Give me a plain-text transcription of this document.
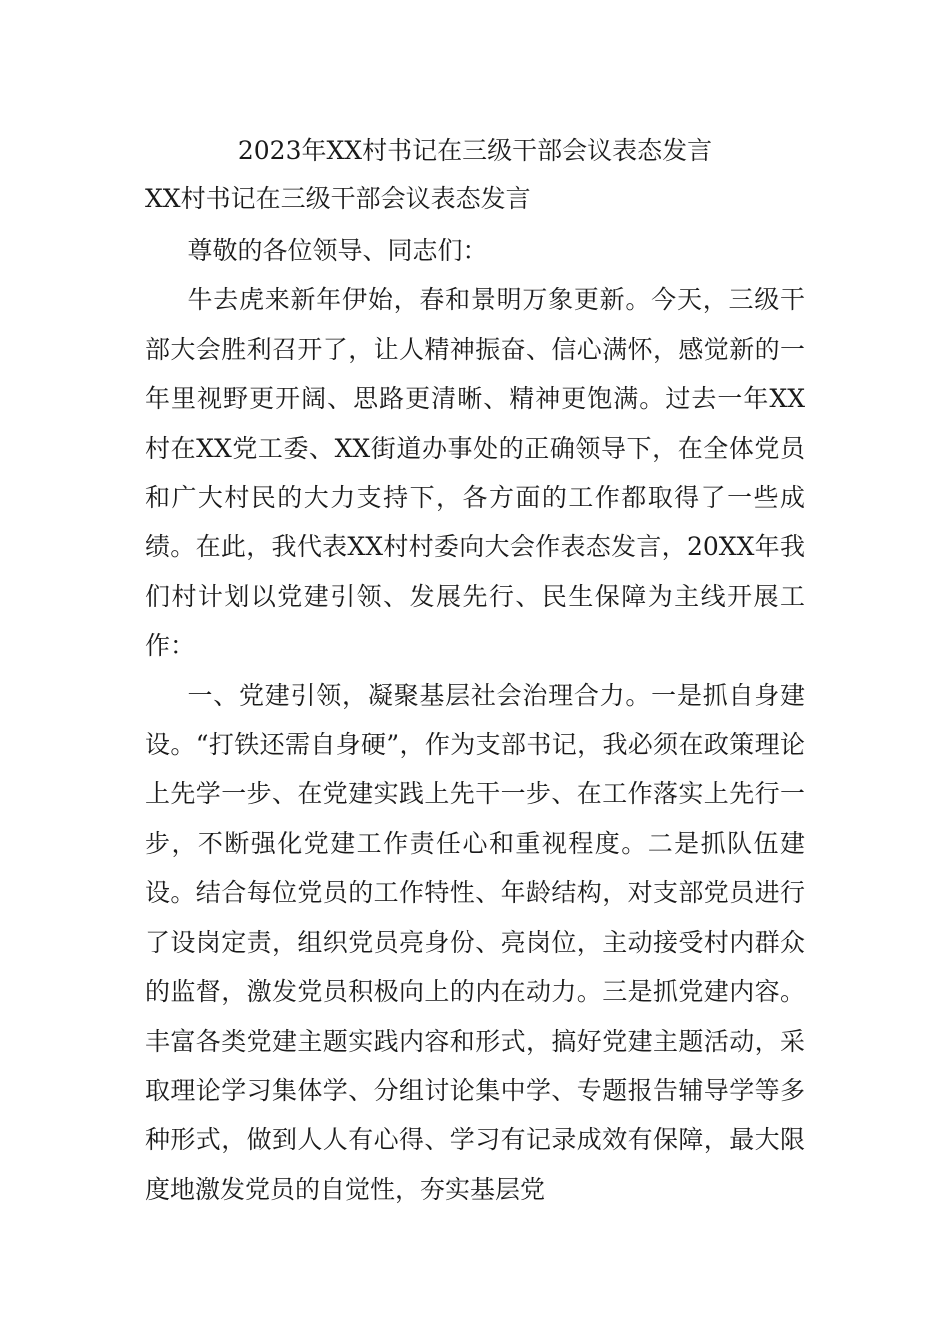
2023年XX村书记在三级干部会议表态发言
XX村书记在三级干部会议表态发言

尊敬的各位领导、同志们：

牛去虎来新年伊始，春和景明万象更新。今天，三级干部大会胜利召开了，让人精神振奋、信心满怀，感觉新的一年里视野更开阔、思路更清晰、精神更饱满。过去一年XX村在XX党工委、XX街道办事处的正确领导下，在全体党员和广大村民的大力支持下，各方面的工作都取得了一些成绩。在此，我代表XX村村委向大会作表态发言，20XX年我们村计划以党建引领、发展先行、民生保障为主线开展工作：

一、党建引领，凝聚基层社会治理合力。一是抓自身建设。“打铁还需自身硬”，作为支部书记，我必须在政策理论上先学一步、在党建实践上先干一步、在工作落实上先行一步，不断强化党建工作责任心和重视程度。二是抓队伍建设。结合每位党员的工作特性、年龄结构，对支部党员进行了设岗定责，组织党员亮身份、亮岗位，主动接受村内群众的监督，激发党员积极向上的内在动力。三是抓党建内容。丰富各类党建主题实践内容和形式，搞好党建主题活动，采取理论学习集体学、分组讨论集中学、专题报告辅导学等多种形式，做到人人有心得、学习有记录成效有保障，最大限度地激发党员的自觉性，夯实基层党
